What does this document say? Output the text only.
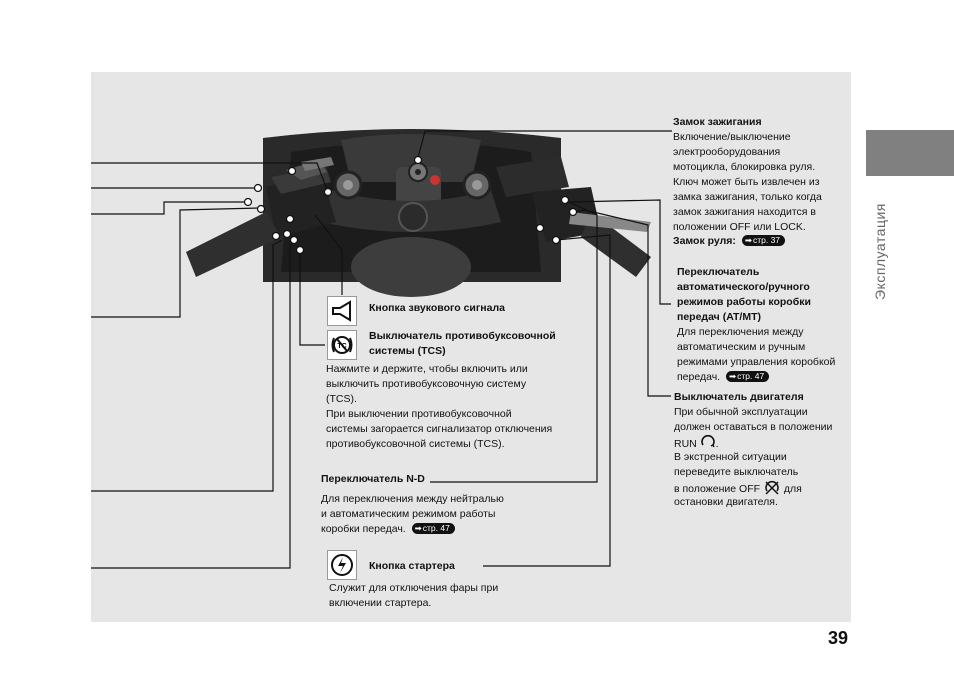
TC
Замок зажигания
Включение/выключение
электрооборудования
мотоцикла, блокировка руля.
Ключ может быть извлечен из
замка зажигания, только когда
замок зажигания находится в
положении OFF или LOCK.
Замок руля: ➡стр. 37
Переключатель
автоматического/ручного
режимов работы коробки
передач (AT/MT)
Для переключения между
автоматическим и ручным
режимами управления коробкой
передач. ➡стр. 47
Выключатель двигателя
При обычной эксплуатации
должен оставаться в положении
RUN .
В экстренной ситуации
переведите выключатель
в положение OFF для
остановки двигателя.
Кнопка звукового сигнала
Выключатель противобуксовочной
системы (TCS)
Нажмите и держите, чтобы включить или
выключить противобуксовочную систему
(TCS).
При выключении противобуксовочной
системы загорается сигнализатор отключения
противобуксовочной системы (TCS).
Переключатель N-D
Для переключения между нейтралью
и автоматическим режимом работы
коробки передач. ➡стр. 47
Кнопка стартера
Служит для отключения фары при
включении стартера.
Эксплуатация
39
